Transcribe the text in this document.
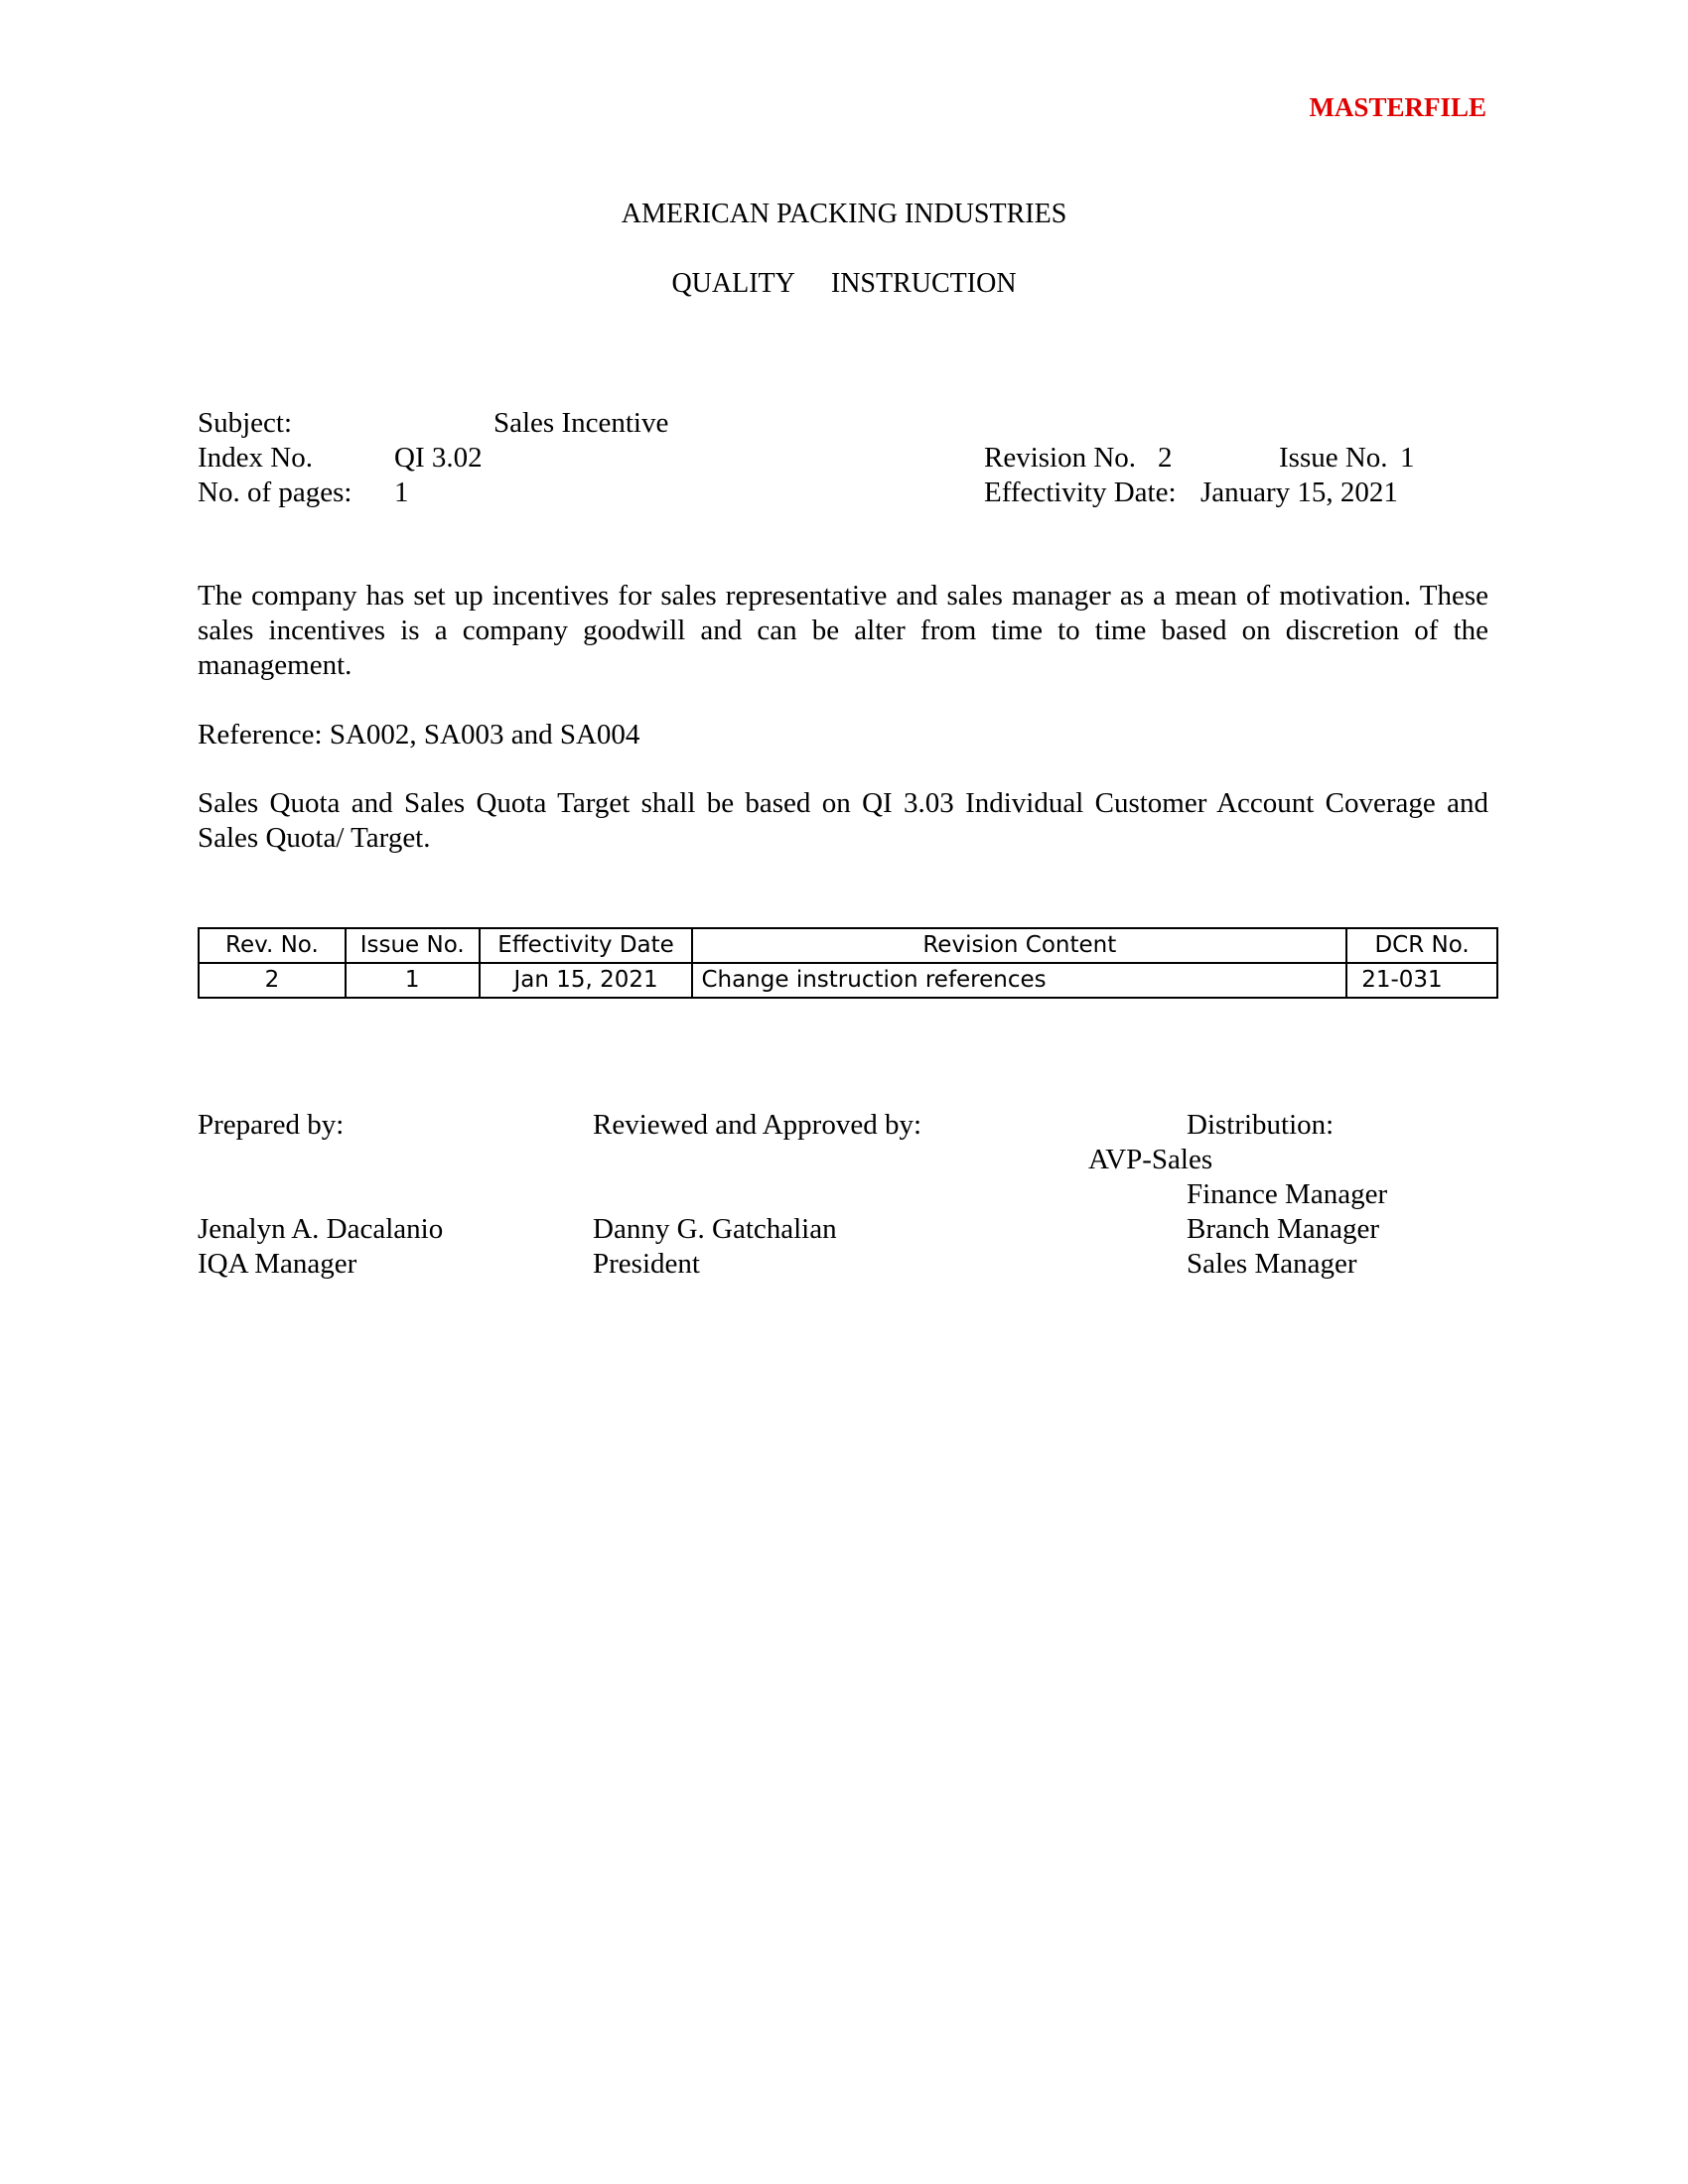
MASTERFILE
AMERICAN PACKING INDUSTRIES
QUALITY INSTRUCTION
Subject:	Sales Incentive
Index No.	QI 3.02
No. of pages: 1
Revision No. 2	Issue No. 1
Effectivity Date: January 15, 2021
The company has set up incentives for sales representative and sales manager as a mean of motivation. These sales incentives is a company goodwill and can be alter from time to time based on discretion of the management.
Reference: SA002, SA003 and SA004
Sales Quota and Sales Quota Target shall be based on QI 3.03 Individual Customer Account Coverage and Sales Quota/ Target.
Rev. No.	Issue No.	Effectivity Date	Revision Content	DCR No.
2	1	Jan 15, 2021	Change instruction references	21-031
Prepared by:
Jenalyn A. Dacalanio
IQA Manager
Reviewed and Approved by:
Danny G. Gatchalian
President
Distribution:
AVP-Sales
Finance Manager
Branch Manager
Sales Manager
